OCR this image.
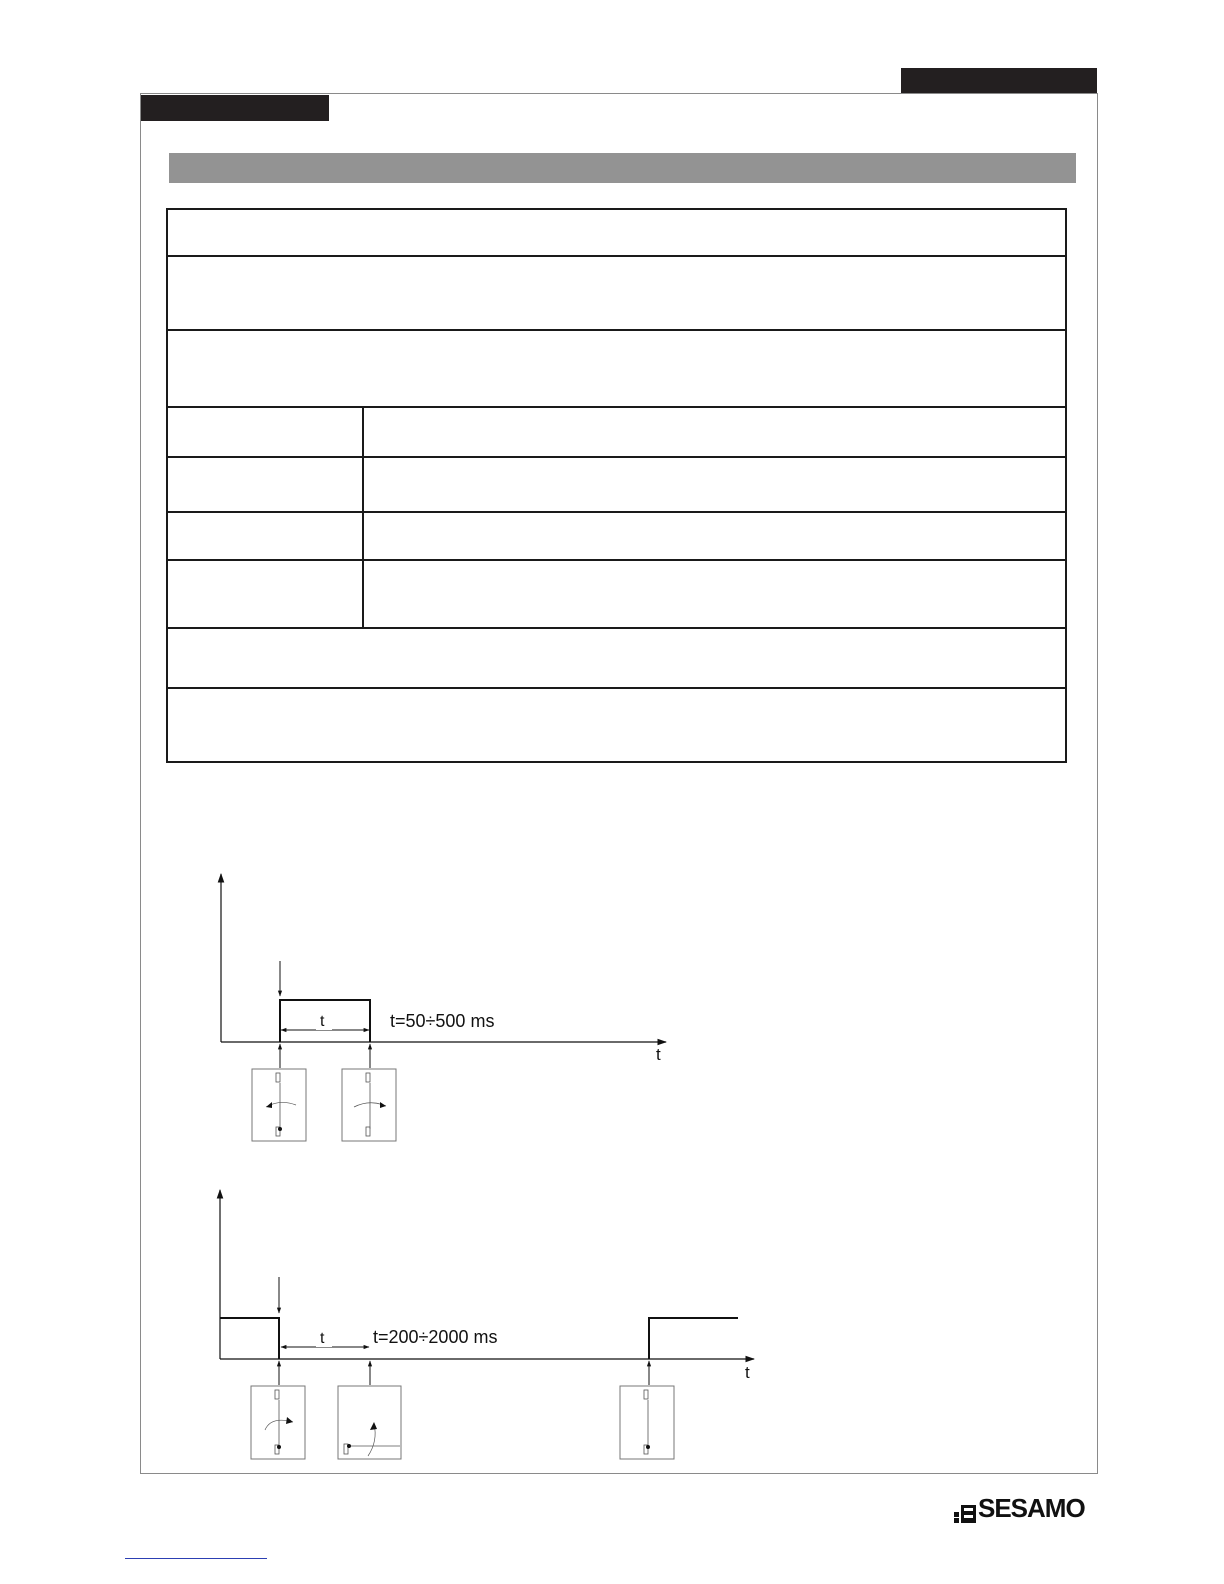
t
t	t=50÷500 ms
t
t	t=200÷2000 ms
SESAMO
